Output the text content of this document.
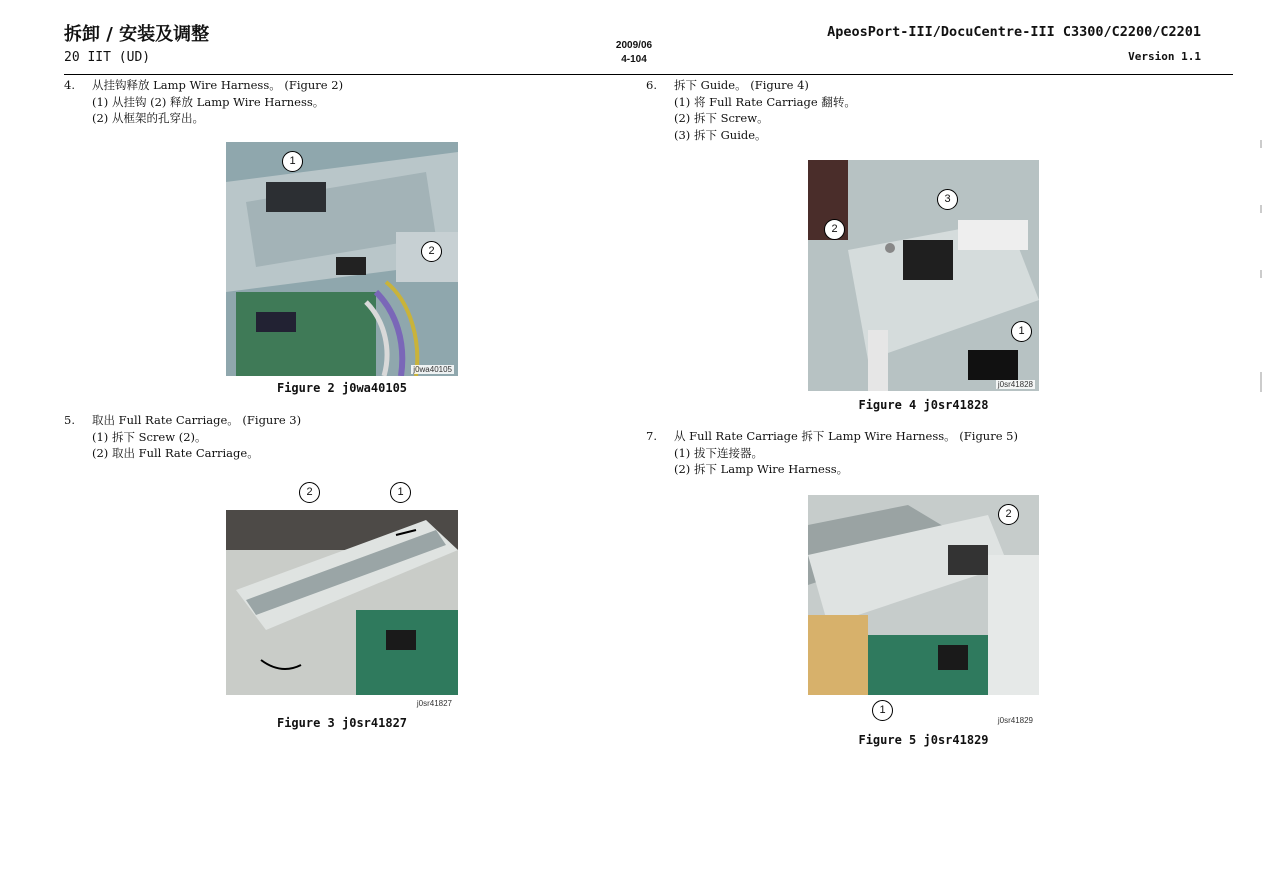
拆卸 / 安装及调整
20 IIT (UD)
2009/06
4-104
ApeosPort-III/DocuCentre-III C3300/C2200/C2201
Version 1.1
4. 从挂钩释放 Lamp Wire Harness。 (Figure 2)
(1) 从挂钩 (2) 释放 Lamp Wire Harness。
(2) 从框架的孔穿出。
j0wa40105
1
2
Figure 2 j0wa40105
5. 取出 Full Rate Carriage。 (Figure 3)
(1) 拆下 Screw (2)。
(2) 取出 Full Rate Carriage。
j0sr41827
1
2
Figure 3 j0sr41827
6. 拆下 Guide。 (Figure 4)
(1) 将 Full Rate Carriage 翻转。
(2) 拆下 Screw。
(3) 拆下 Guide。
j0sr41828
1
2
3
Figure 4 j0sr41828
7. 从 Full Rate Carriage 拆下 Lamp Wire Harness。 (Figure 5)
(1) 拔下连接器。
(2) 拆下 Lamp Wire Harness。
j0sr41829
1
2
Figure 5 j0sr41829
